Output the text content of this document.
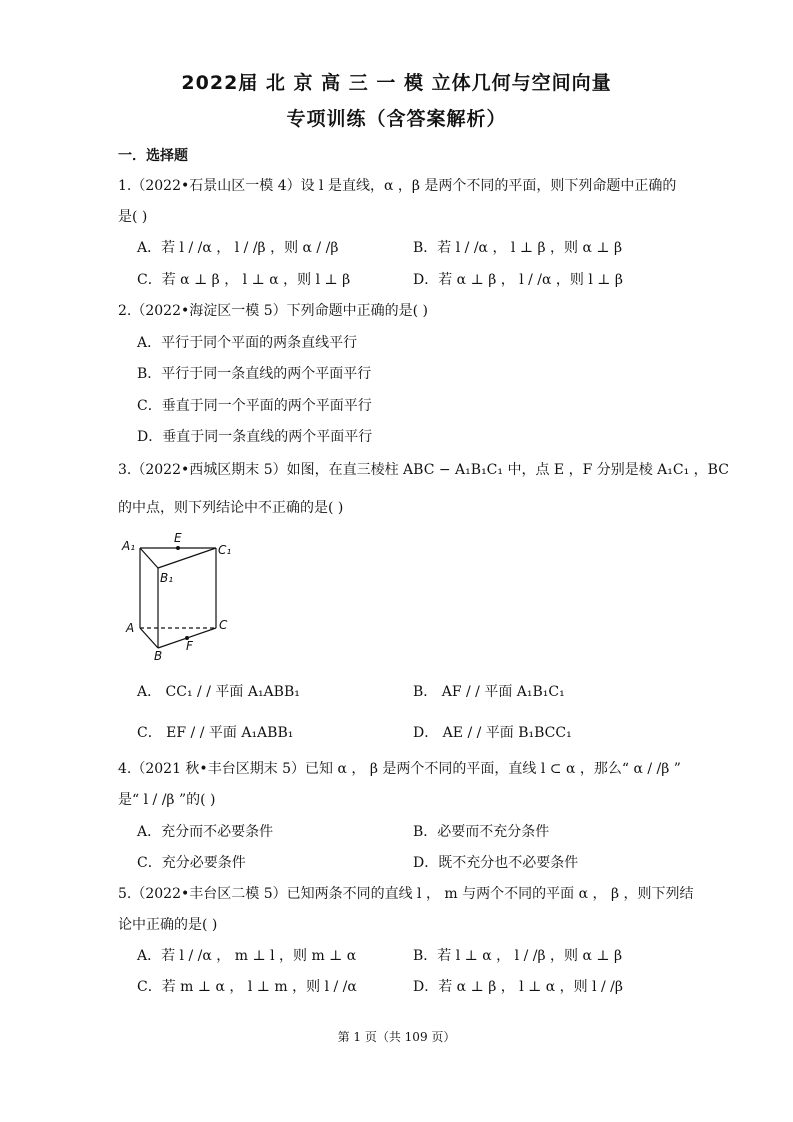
2022届 北 京 高 三 一 模 立体几何与空间向量
专项训练（含答案解析）
一．选择题
1.（2022•石景山区一模 4）设 l 是直线，α ，β 是两个不同的平面，则下列命题中正确的
是( )
A．若 l / /α ， l / /β ，则 α / /β	B．若 l / /α ， l ⊥ β ，则 α ⊥ β
C．若 α ⊥ β ， l ⊥ α ，则 l ⊥ β	D．若 α ⊥ β ， l / /α ，则 l ⊥ β
2.（2022•海淀区一模 5）下列命题中正确的是( )
A．平行于同个平面的两条直线平行
B．平行于同一条直线的两个平面平行
C．垂直于同一个平面的两个平面平行
D．垂直于同一条直线的两个平面平行
3.（2022•西城区期末 5）如图，在直三棱柱 ABC − A₁B₁C₁ 中，点 E ，F 分别是棱 A₁C₁ ，BC
的中点，则下列结论中不正确的是( )
A₁
E
C₁
B₁
A	C
F
B
A． CC₁ / / 平面 A₁ABB₁	B． AF / / 平面 A₁B₁C₁
C． EF / / 平面 A₁ABB₁	D． AE / / 平面 B₁BCC₁
4.（2021 秋•丰台区期末 5）已知 α ， β 是两个不同的平面，直线 l ⊂ α ，那么“ α / /β ”
是“ l / /β ”的( )
A．充分而不必要条件	B．必要而不充分条件
C．充分必要条件	D．既不充分也不必要条件
5.（2022•丰台区二模 5）已知两条不同的直线 l ， m 与两个不同的平面 α ， β ，则下列结
论中正确的是( )
A．若 l / /α ， m ⊥ l ，则 m ⊥ α	B．若 l ⊥ α ， l / /β ，则 α ⊥ β
C．若 m ⊥ α ， l ⊥ m ，则 l / /α	D．若 α ⊥ β ， l ⊥ α ，则 l / /β
第 1 页（共 109 页）
